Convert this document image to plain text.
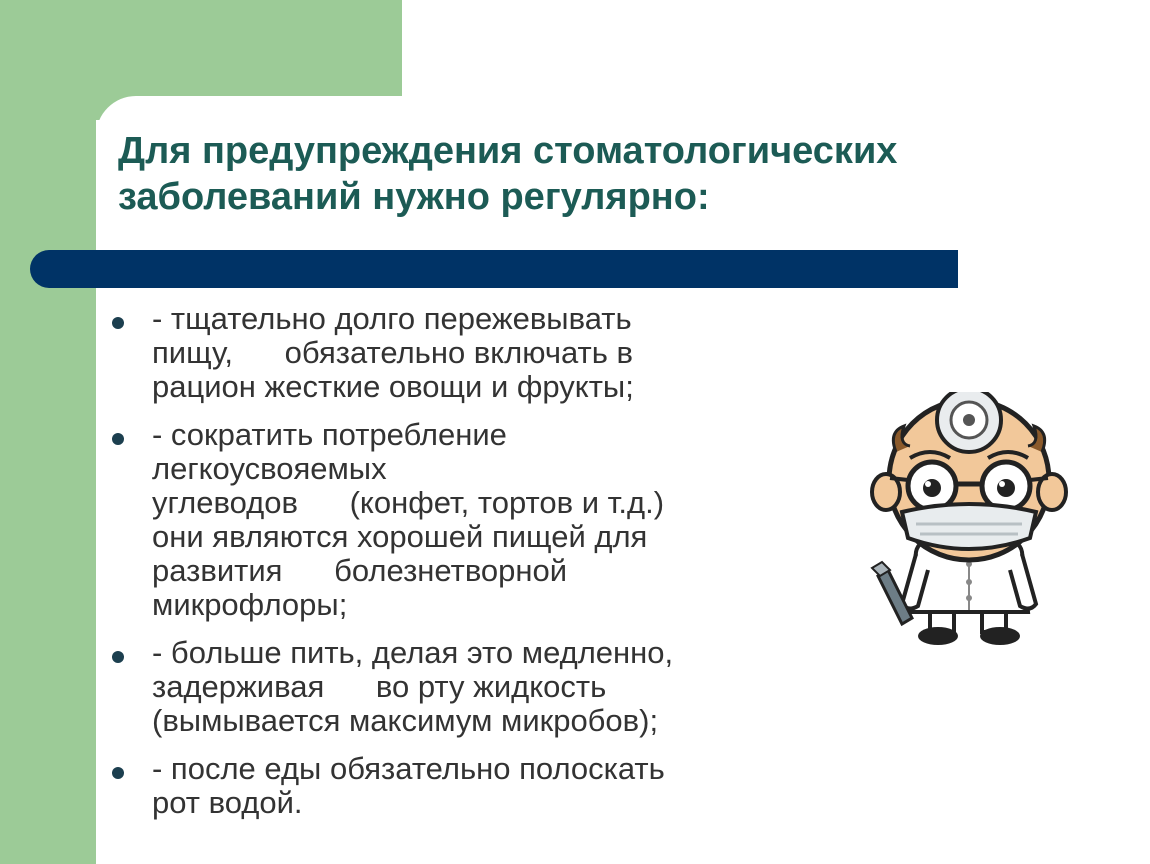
Для предупреждения стоматологических
заболеваний нужно регулярно:
- тщательно долго пережевывать
пищу,      обязательно включать в
рацион жесткие овощи и фрукты;
- сократить потребление
легкоусвояемых
углеводов      (конфет, тортов и т.д.)
они являются хорошей пищей для
развития      болезнетворной
микрофлоры;
- больше пить, делая это медленно,
задерживая      во рту жидкость
(вымывается максимум микробов);
- после еды обязательно полоскать
рот водой.
